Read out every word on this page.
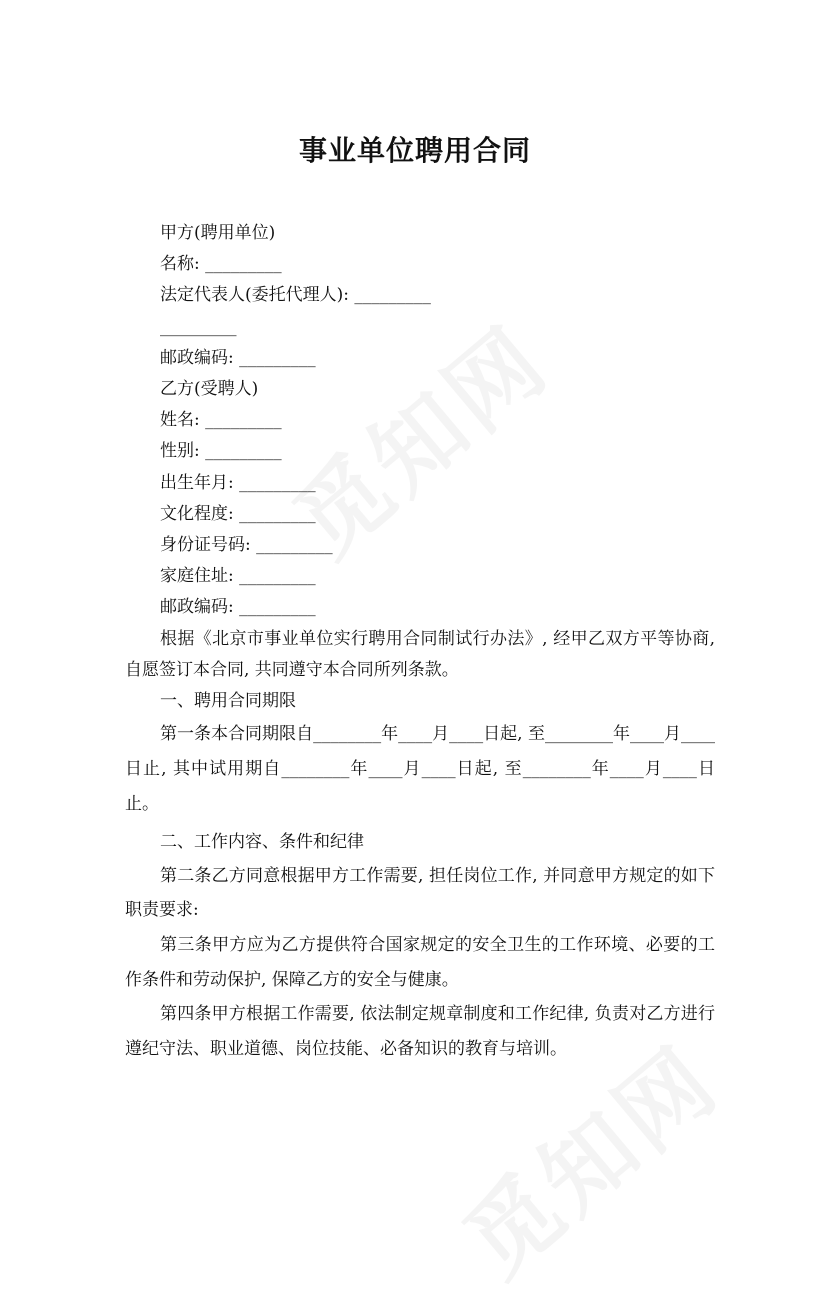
事业单位聘用合同

甲方(聘用单位)

名称: _________

法定代表人(委托代理人): _________

_________

邮政编码: _________

乙方(受聘人)

姓名: _________

性别: _________

出生年月: _________

文化程度: _________

身份证号码: _________

家庭住址: _________

邮政编码: _________

根据《北京市事业单位实行聘用合同制试行办法》, 经甲乙双方平等协商, 自愿签订本合同, 共同遵守本合同所列条款。

一、聘用合同期限

第一条本合同期限自________年____月____日起, 至________年____月____日止, 其中试用期自________年____月____日起, 至________年____月____日止。

二、工作内容、条件和纪律

第二条乙方同意根据甲方工作需要, 担任岗位工作, 并同意甲方规定的如下职责要求:

第三条甲方应为乙方提供符合国家规定的安全卫生的工作环境、必要的工作条件和劳动保护, 保障乙方的安全与健康。

第四条甲方根据工作需要, 依法制定规章制度和工作纪律, 负责对乙方进行遵纪守法、职业道德、岗位技能、必备知识的教育与培训。
